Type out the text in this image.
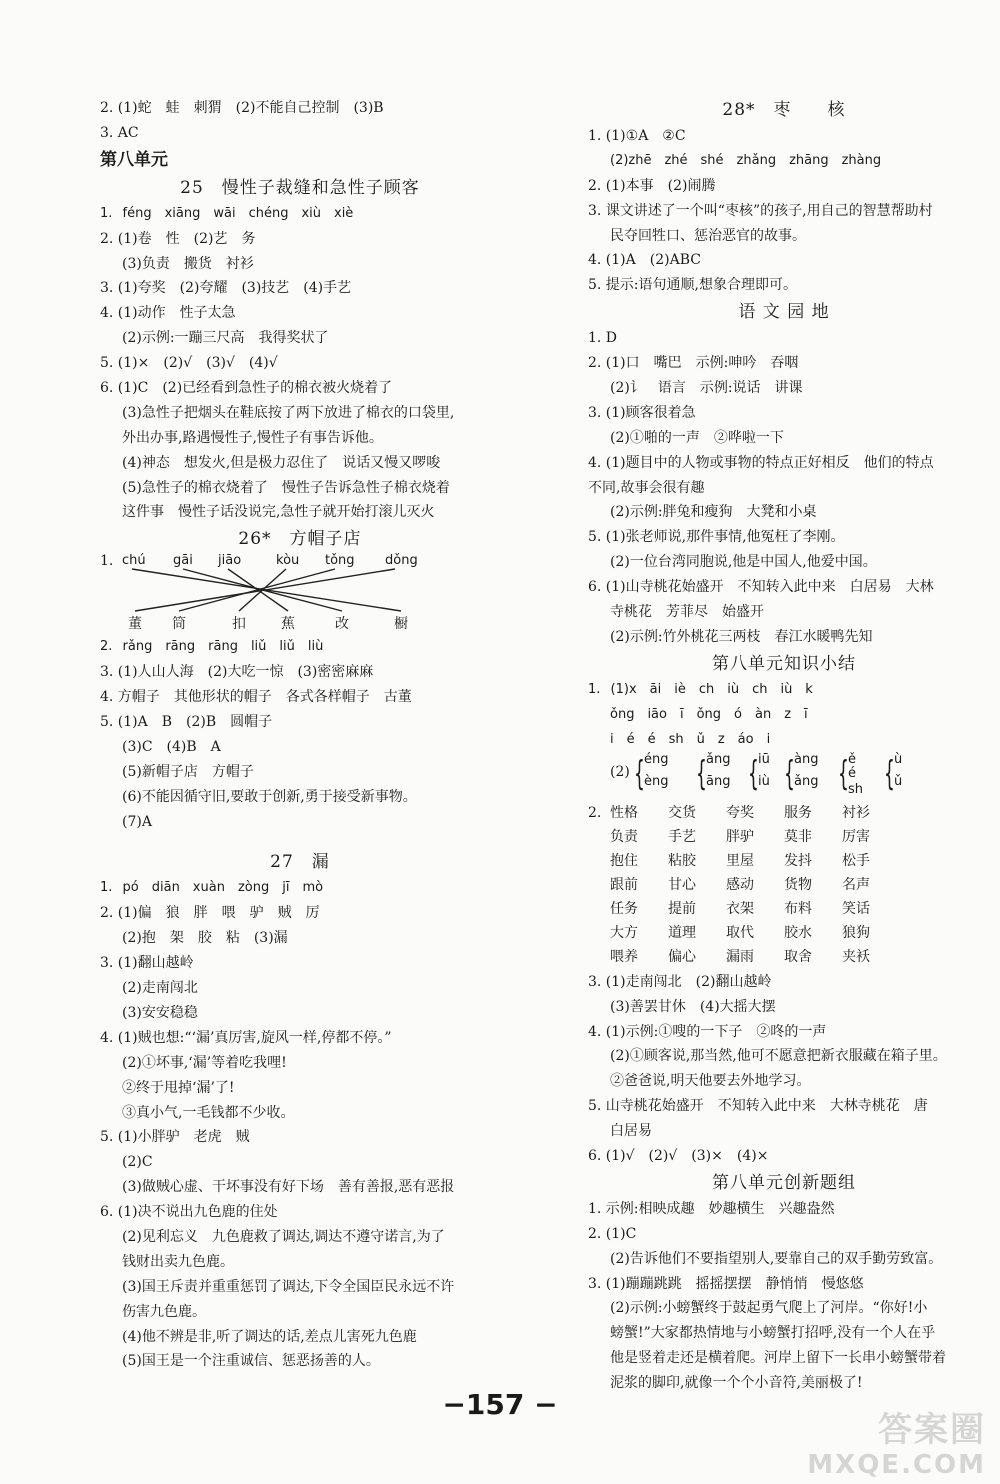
2. (1)蛇　蛙　刺猬　(2)不能自己控制　(3)B
3. AC
第八单元
25　慢性子裁缝和急性子顾客
1. féng　xiāng　wāi　chéng　xiù　xiè
2. (1)卷　性　(2)艺　务
(3)负责　搬货　衬衫
3. (1)夸奖　(2)夸耀　(3)技艺　(4)手艺
4. (1)动作　性子太急
(2)示例:一蹦三尺高　我得奖状了
5. (1)×　(2)√　(3)√　(4)√
6. (1)C　(2)已经看到急性子的棉衣被火烧着了
(3)急性子把烟头在鞋底按了两下放进了棉衣的口袋里,
外出办事,路遇慢性子,慢性子有事告诉他。
(4)神态　想发火,但是极力忍住了　说话又慢又啰唆
(5)急性子的棉衣烧着了　慢性子告诉急性子棉衣烧着
这件事　慢性子话没说完,急性子就开始打滚儿灭火
26*　方帽子店
1. chú gāi jiāo	kòu tǒng dǒng
董 筒	扣	蕉	改	橱
2. rǎng　rāng　rāng　liǔ　liǔ　liù
3. (1)人山人海　(2)大吃一惊　(3)密密麻麻
4. 方帽子　其他形状的帽子　各式各样帽子　古董
5. (1)A　B　(2)B　圆帽子
(3)C　(4)B　A
(5)新帽子店　方帽子
(6)不能因循守旧,要敢于创新,勇于接受新事物。
(7)A
27　漏
1. pó　diān　xuàn　zòng　jī　mò
2. (1)偏　狼　胖　喂　驴　贼　厉
(2)抱　架　胶　粘　(3)漏
3. (1)翻山越岭
(2)走南闯北
(3)安安稳稳
4. (1)贼也想:“‘漏’真厉害,旋风一样,停都不停。”
(2)①坏事,‘漏’等着吃我哩!
②终于甩掉‘漏’了!
③真小气,一毛钱都不少收。
5. (1)小胖驴　老虎　贼
(2)C
(3)做贼心虚、干坏事没有好下场　善有善报,恶有恶报
6. (1)决不说出九色鹿的住处
(2)见利忘义　九色鹿救了调达,调达不遵守诺言,为了
钱财出卖九色鹿。
(3)国王斥责并重重惩罚了调达,下令全国臣民永远不许
伤害九色鹿。
(4)他不辨是非,听了调达的话,差点儿害死九色鹿
(5)国王是一个注重诚信、惩恶扬善的人。
28*　枣　　核
1. (1)①A　②C
(2)zhē　zhé　shé　zhǎng　zhāng　zhàng
2. (1)本事　(2)闹腾
3. 课文讲述了一个叫“枣核”的孩子,用自己的智慧帮助村
民夺回牲口、惩治恶官的故事。
4. (1)A　(2)ABC
5. 提示:语句通顺,想象合理即可。
语 文 园 地
1. D
2. (1)口　嘴巴　示例:呻吟　吞咽
(2)讠　语言　示例:说话　讲课
3. (1)顾客很着急
(2)①啪的一声　②哗啦一下
4. (1)题目中的人物或事物的特点正好相反　他们的特点
不同,故事会很有趣
(2)示例:胖兔和瘦狗　大凳和小桌
5. (1)张老师说,那件事情,他冤枉了李刚。
(2)一位台湾同胞说,他是中国人,他爱中国。
6. (1)山寺桃花始盛开　不知转入此中来　白居易　大林
寺桃花　芳菲尽　始盛开
(2)示例:竹外桃花三两枝　春江水暖鸭先知
第八单元知识小结
1. (1)x　āi　iè　ch　iù　ch　iù　k
ǒng　iāo　ī　ǒng　ó　àn　z　ī
i　é　é　sh　ǔ　z　áo　i
(2) { éng
èng { ǎng
āng { iū
iù { àng
ǎng { ě
é
sh { ù
ǔ
2. 性格 交货 夸奖 服务 衬衫
负责 手艺 胖驴 莫非 厉害
抱住 粘胶 里屋 发抖 松手
跟前 甘心 感动 货物 名声
任务 提前 衣架 布料 笑话
大方 道理 取代 胶水 狼狗
喂养 偏心 漏雨 取舍 夹袄
3. (1)走南闯北　(2)翻山越岭
(3)善罢甘休　(4)大摇大摆
4. (1)示例:①嗖的一下子　②咚的一声
(2)①顾客说,那当然,他可不愿意把新衣服藏在箱子里。
②爸爸说,明天他要去外地学习。
5. 山寺桃花始盛开　不知转入此中来　大林寺桃花　唐
白居易
6. (1)√　(2)√　(3)×　(4)×
第八单元创新题组
1. 示例:相映成趣　妙趣横生　兴趣盎然
2. (1)C
(2)告诉他们不要指望别人,要靠自己的双手勤劳致富。
3. (1)蹦蹦跳跳　摇摇摆摆　静悄悄　慢悠悠
(2)示例:小螃蟹终于鼓起勇气爬上了河岸。“你好!小
螃蟹!”大家都热情地与小螃蟹打招呼,没有一个人在乎
他是竖着走还是横着爬。河岸上留下一长串小螃蟹带着
泥浆的脚印,就像一个个小音符,美丽极了!
−157 −
答案圈
MXQE.COM
